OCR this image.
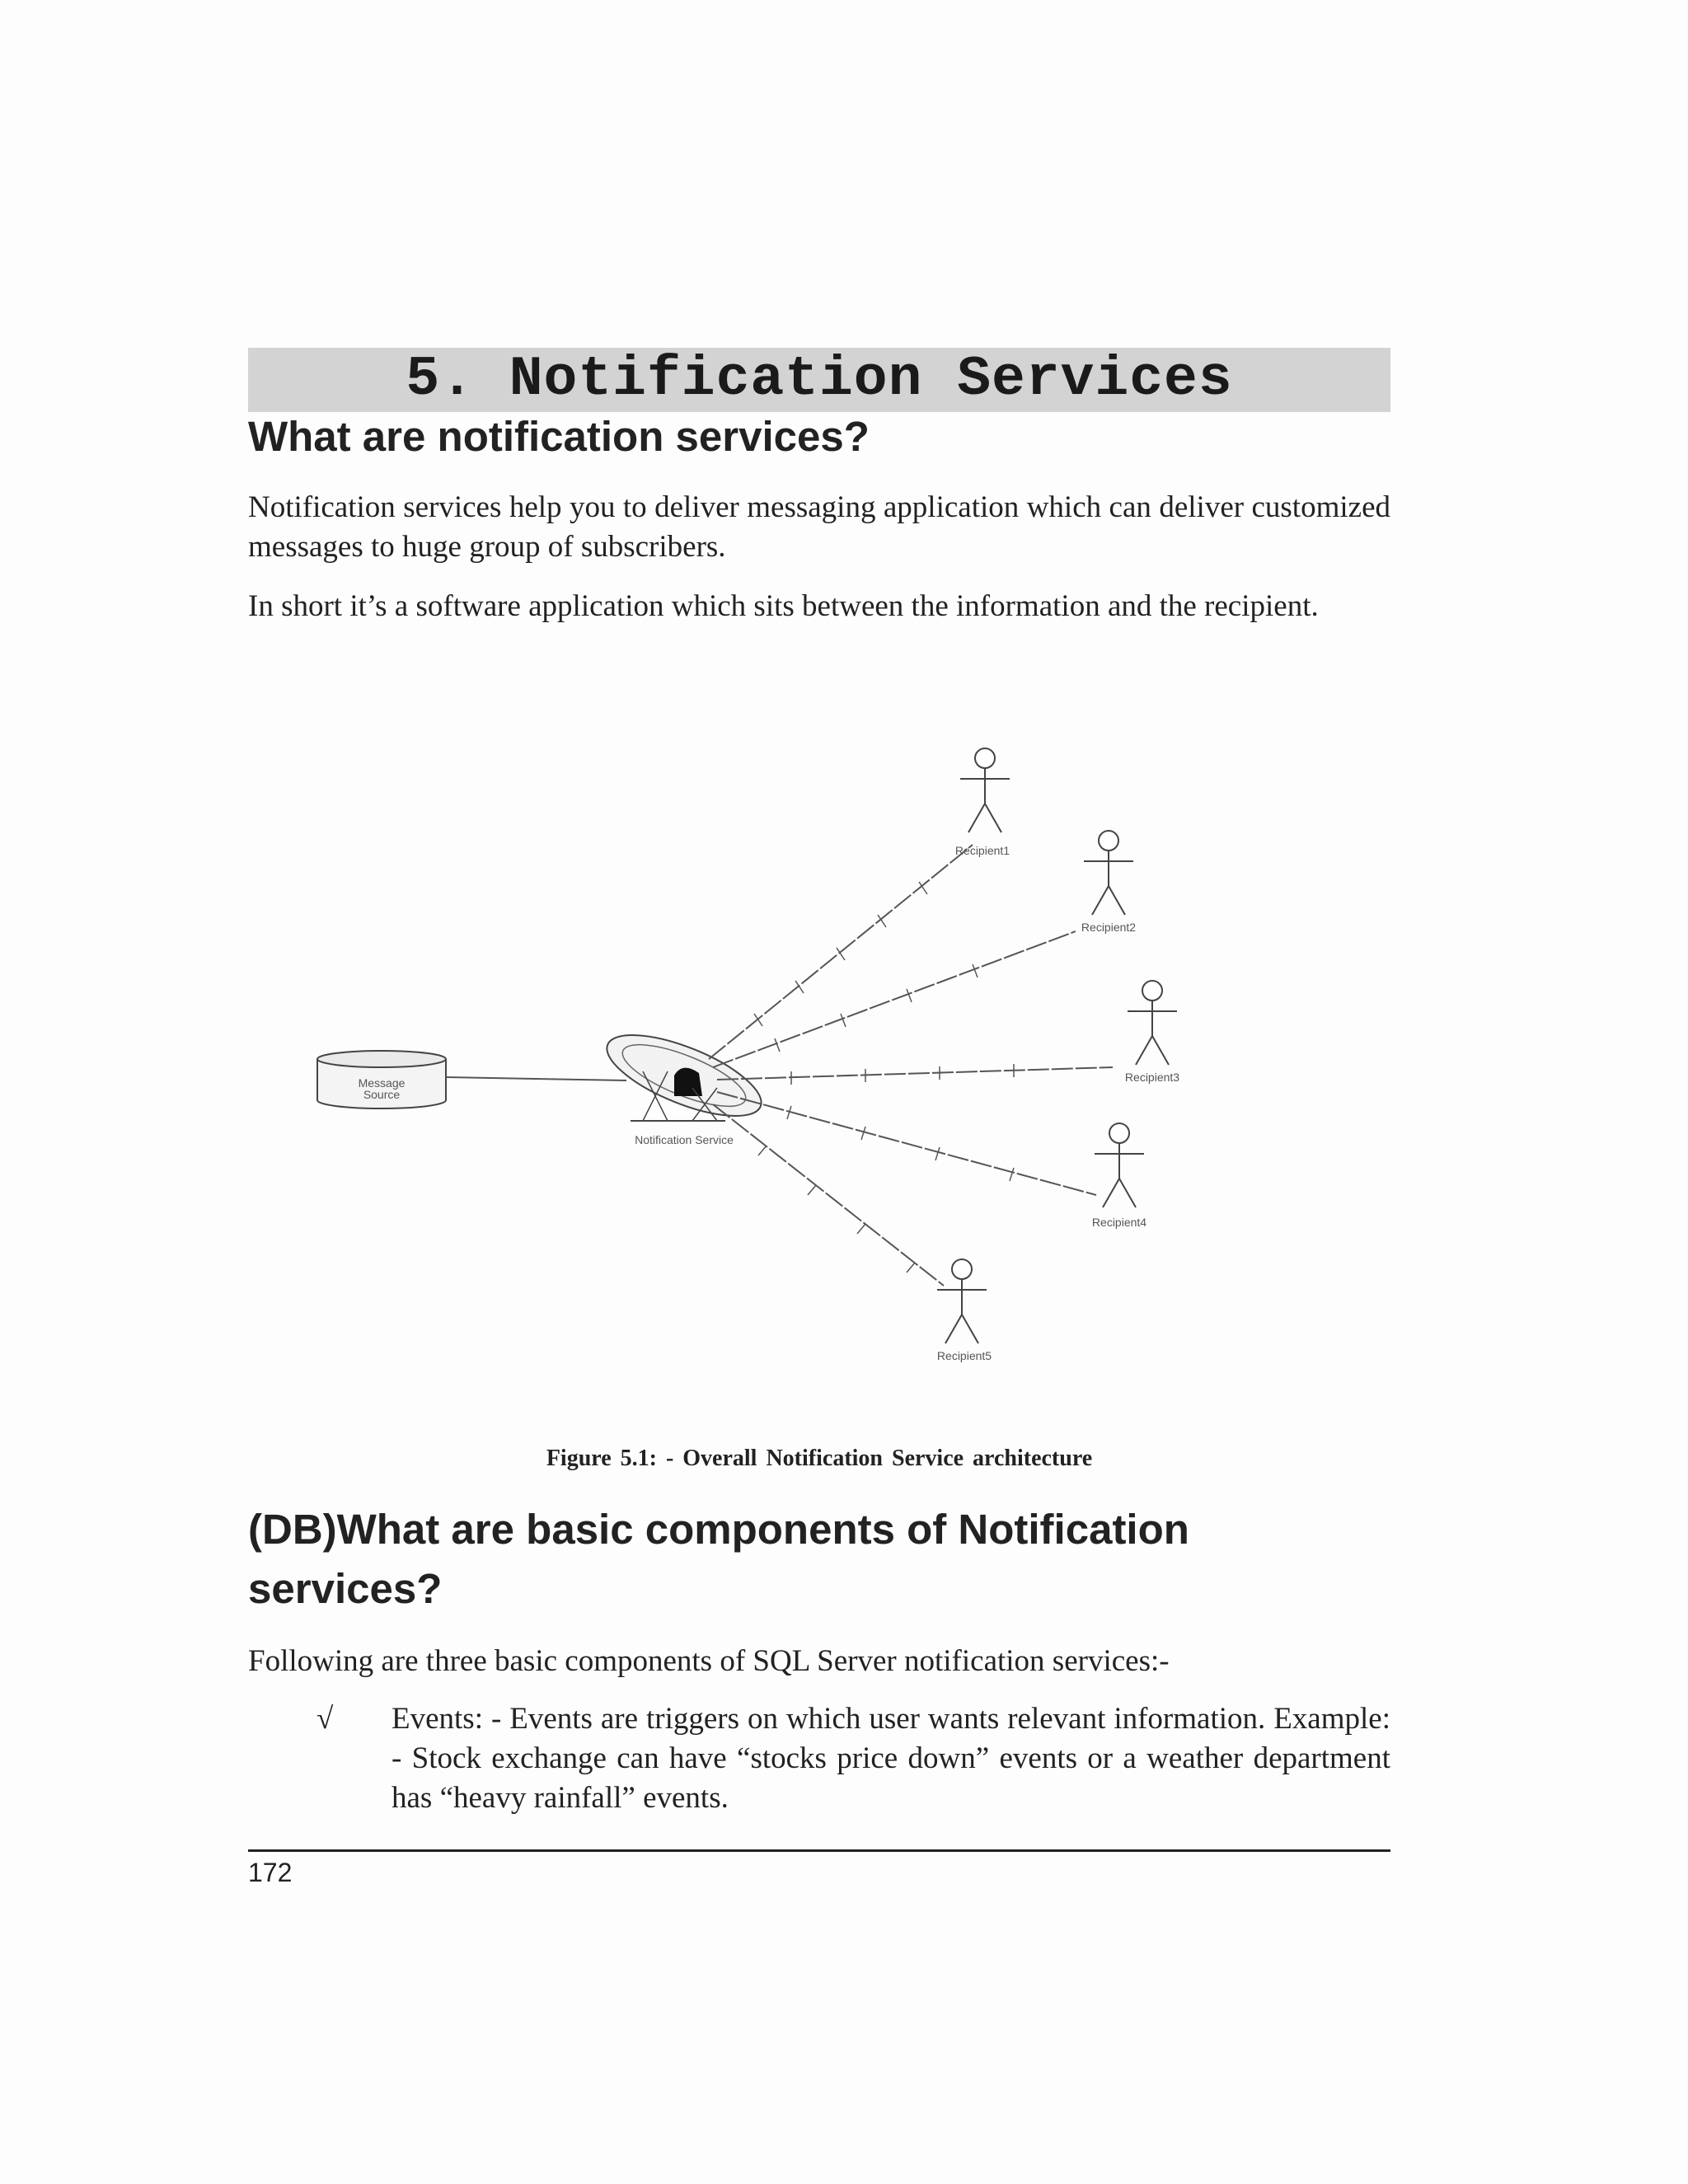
5. Notification Services
What are notification services?

Notification services help you to deliver messaging application which can deliver customized messages to huge group of subscribers.

In short it’s a software application which sits between the information and the recipient.

Message
Source
Notification Service
Recipient1
Recipient2
Recipient3
Recipient4
Recipient5
Figure 5.1: - Overall Notification Service architecture
(DB)What are basic components of Notification
services?

Following are three basic components of SQL Server notification services:-

√ Events: - Events are triggers on which user wants relevant information. Example: - Stock exchange can have “stocks price down” events or a weather department has “heavy rainfall” events.

172
